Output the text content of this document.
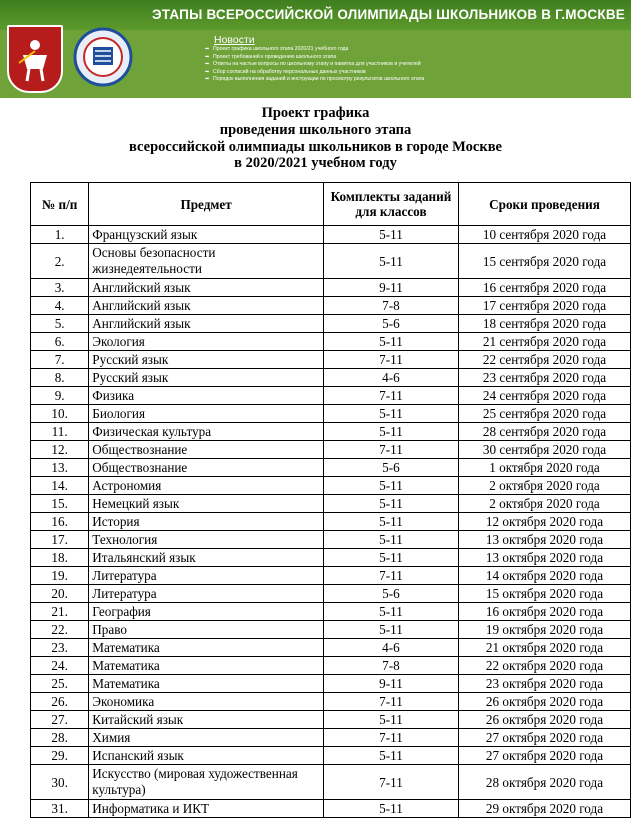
ЭТАПЫ ВСЕРОССИЙСКОЙ ОЛИМПИАДЫ ШКОЛЬНИКОВ В Г.МОСКВЕ
Новости
➡ Проект графика школьного этапа 2020/21 учебного года
➡ Проект требований к проведению школьного этапа
➡ Ответы на частые вопросы по школьному этапу и памятка для участников и учителей
➡ Сбор согласий на обработку персональных данных участников
➡ Порядок выполнения заданий и инструкции по просмотру результатов школьного этапа
Проект графика
проведения школьного этапа
всероссийской олимпиады школьников в городе Москве
в 2020/2021 учебном году
№ п/п	Предмет	Комплекты заданий для классов	Сроки проведения
1.	Французский язык	5-11	10 сентября 2020 года
2.	Основы безопасности жизнедеятельности	5-11	15 сентября 2020 года
3.	Английский язык	9-11	16 сентября 2020 года
4.	Английский язык	7-8	17 сентября 2020 года
5.	Английский язык	5-6	18 сентября 2020 года
6.	Экология	5-11	21 сентября 2020 года
7.	Русский язык	7-11	22 сентября 2020 года
8.	Русский язык	4-6	23 сентября 2020 года
9.	Физика	7-11	24 сентября 2020 года
10.	Биология	5-11	25 сентября 2020 года
11.	Физическая культура	5-11	28 сентября 2020 года
12.	Обществознание	7-11	30 сентября 2020 года
13.	Обществознание	5-6	1 октября 2020 года
14.	Астрономия	5-11	2 октября 2020 года
15.	Немецкий язык	5-11	2 октября 2020 года
16.	История	5-11	12 октября 2020 года
17.	Технология	5-11	13 октября 2020 года
18.	Итальянский язык	5-11	13 октября 2020 года
19.	Литература	7-11	14 октября 2020 года
20.	Литература	5-6	15 октября 2020 года
21.	География	5-11	16 октября 2020 года
22.	Право	5-11	19 октября 2020 года
23.	Математика	4-6	21 октября 2020 года
24.	Математика	7-8	22 октября 2020 года
25.	Математика	9-11	23 октября 2020 года
26.	Экономика	7-11	26 октября 2020 года
27.	Китайский язык	5-11	26 октября 2020 года
28.	Химия	7-11	27 октября 2020 года
29.	Испанский язык	5-11	27 октября 2020 года
30.	Искусство (мировая художественная культура)	7-11	28 октября 2020 года
31.	Информатика и ИКТ	5-11	29 октября 2020 года
